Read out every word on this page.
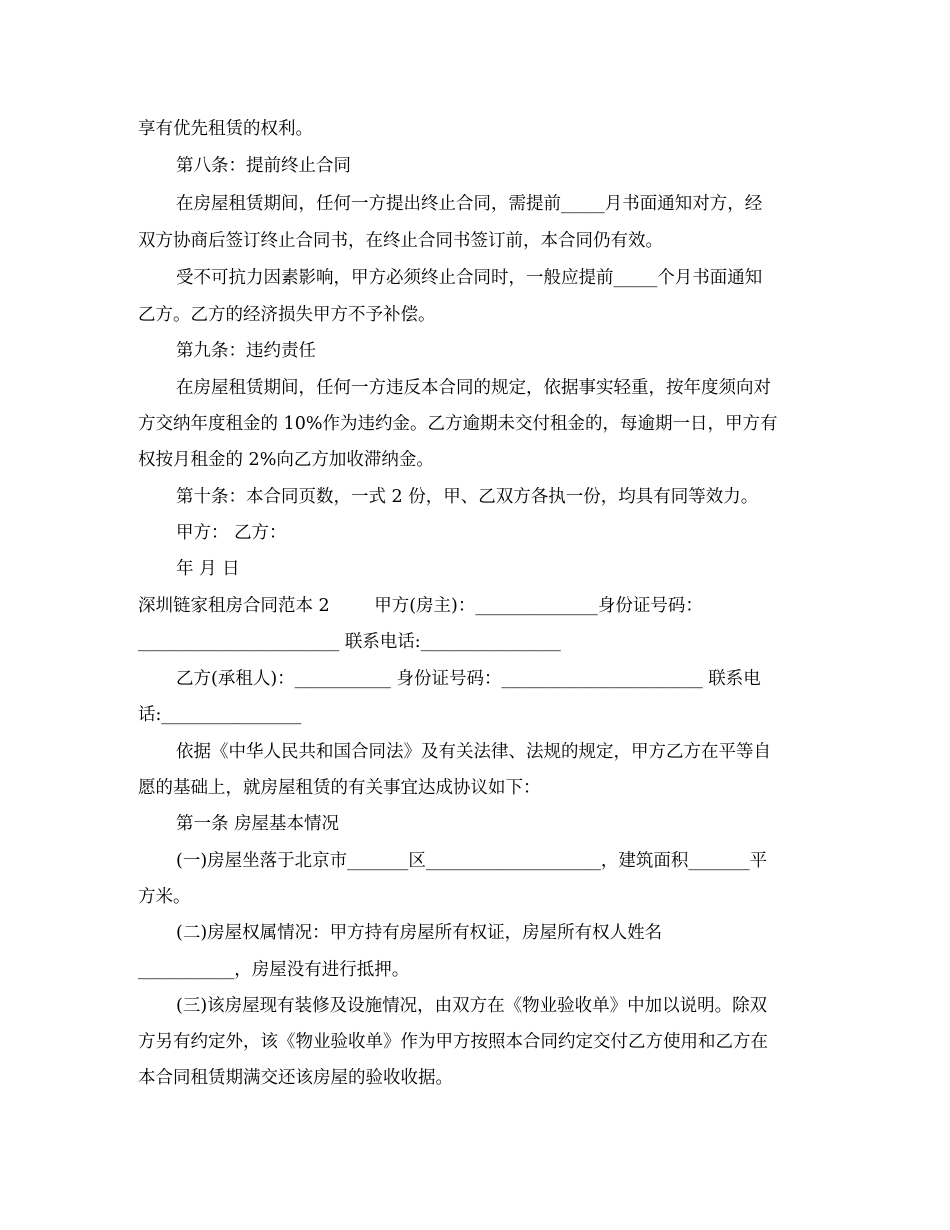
享有优先租赁的权利。
第八条：提前终止合同
在房屋租赁期间，任何一方提出终止合同，需提前_____月书面通知对方，经
双方协商后签订终止合同书，在终止合同书签订前，本合同仍有效。
受不可抗力因素影响，甲方必须终止合同时，一般应提前_____个月书面通知
乙方。乙方的经济损失甲方不予补偿。
第九条：违约责任
在房屋租赁期间，任何一方违反本合同的规定，依据事实轻重，按年度须向对
方交纳年度租金的 10%作为违约金。乙方逾期未交付租金的，每逾期一日，甲方有
权按月租金的 2%向乙方加收滞纳金。
第十条：本合同页数，一式 2 份，甲、乙双方各执一份，均具有同等效力。
甲方： 乙方：
年 月 日
深圳链家租房合同范本 2        甲方(房主)：______________身份证号码：
_______________________ 联系电话:________________
乙方(承租人)：___________ 身份证号码：_______________________ 联系电
话:________________
依据《中华人民共和国合同法》及有关法律、法规的规定，甲方乙方在平等自
愿的基础上，就房屋租赁的有关事宜达成协议如下：
第一条 房屋基本情况
(一)房屋坐落于北京市_______区____________________，建筑面积_______平
方米。
(二)房屋权属情况：甲方持有房屋所有权证，房屋所有权人姓名
___________，房屋没有进行抵押。
(三)该房屋现有装修及设施情况，由双方在《物业验收单》中加以说明。除双
方另有约定外，该《物业验收单》作为甲方按照本合同约定交付乙方使用和乙方在
本合同租赁期满交还该房屋的验收收据。
